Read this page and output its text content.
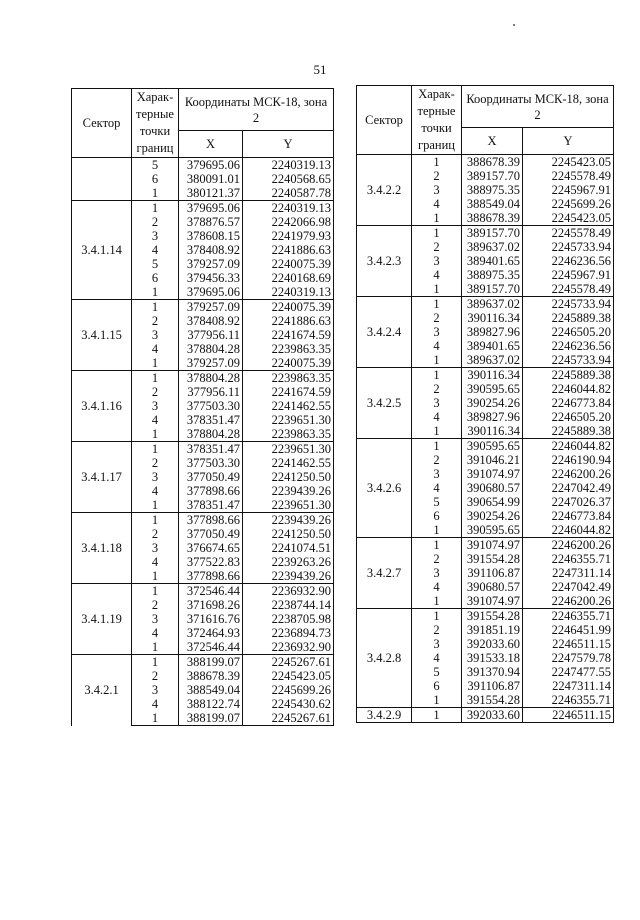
51
Сектор	Харак-терные точки границ	Координаты МСК-18, зона 2	

		X	Y
	5	379695.06	2240319.13
	6	380091.01	2240568.65
	1	380121.37	2240587.78
3.4.1.14	1	379695.06	2240319.13
	2	378876.57	2242066.98
	3	378608.15	2241979.93
	4	378408.92	2241886.63
	5	379257.09	2240075.39
	6	379456.33	2240168.69
	1	379695.06	2240319.13
3.4.1.15	1	379257.09	2240075.39
	2	378408.92	2241886.63
	3	377956.11	2241674.59
	4	378804.28	2239863.35
	1	379257.09	2240075.39
3.4.1.16	1	378804.28	2239863.35
	2	377956.11	2241674.59
	3	377503.30	2241462.55
	4	378351.47	2239651.30
	1	378804.28	2239863.35
3.4.1.17	1	378351.47	2239651.30
	2	377503.30	2241462.55
	3	377050.49	2241250.50
	4	377898.66	2239439.26
	1	378351.47	2239651.30
3.4.1.18	1	377898.66	2239439.26
	2	377050.49	2241250.50
	3	376674.65	2241074.51
	4	377522.83	2239263.26
	1	377898.66	2239439.26
3.4.1.19	1	372546.44	2236932.90
	2	371698.26	2238744.14
	3	371616.76	2238705.98
	4	372464.93	2236894.73
	1	372546.44	2236932.90
3.4.2.1	1	388199.07	2245267.61
	2	388678.39	2245423.05
	3	388549.04	2245699.26
	4	388122.74	2245430.62
	1	388199.07	2245267.61
Сектор	Харак-терные точки границ	Координаты МСК-18, зона 2	

		X	Y
3.4.2.2	1	388678.39	2245423.05
	2	389157.70	2245578.49
	3	388975.35	2245967.91
	4	388549.04	2245699.26
	1	388678.39	2245423.05
3.4.2.3	1	389157.70	2245578.49
	2	389637.02	2245733.94
	3	389401.65	2246236.56
	4	388975.35	2245967.91
	1	389157.70	2245578.49
3.4.2.4	1	389637.02	2245733.94
	2	390116.34	2245889.38
	3	389827.96	2246505.20
	4	389401.65	2246236.56
	1	389637.02	2245733.94
3.4.2.5	1	390116.34	2245889.38
	2	390595.65	2246044.82
	3	390254.26	2246773.84
	4	389827.96	2246505.20
	1	390116.34	2245889.38
3.4.2.6	1	390595.65	2246044.82
	2	391046.21	2246190.94
	3	391074.97	2246200.26
	4	390680.57	2247042.49
	5	390654.99	2247026.37
	6	390254.26	2246773.84
	1	390595.65	2246044.82
3.4.2.7	1	391074.97	2246200.26
	2	391554.28	2246355.71
	3	391106.87	2247311.14
	4	390680.57	2247042.49
	1	391074.97	2246200.26
3.4.2.8	1	391554.28	2246355.71
	2	391851.19	2246451.99
	3	392033.60	2246511.15
	4	391533.18	2247579.78
	5	391370.94	2247477.55
	6	391106.87	2247311.14
	1	391554.28	2246355.71
3.4.2.9	1	392033.60	2246511.15
